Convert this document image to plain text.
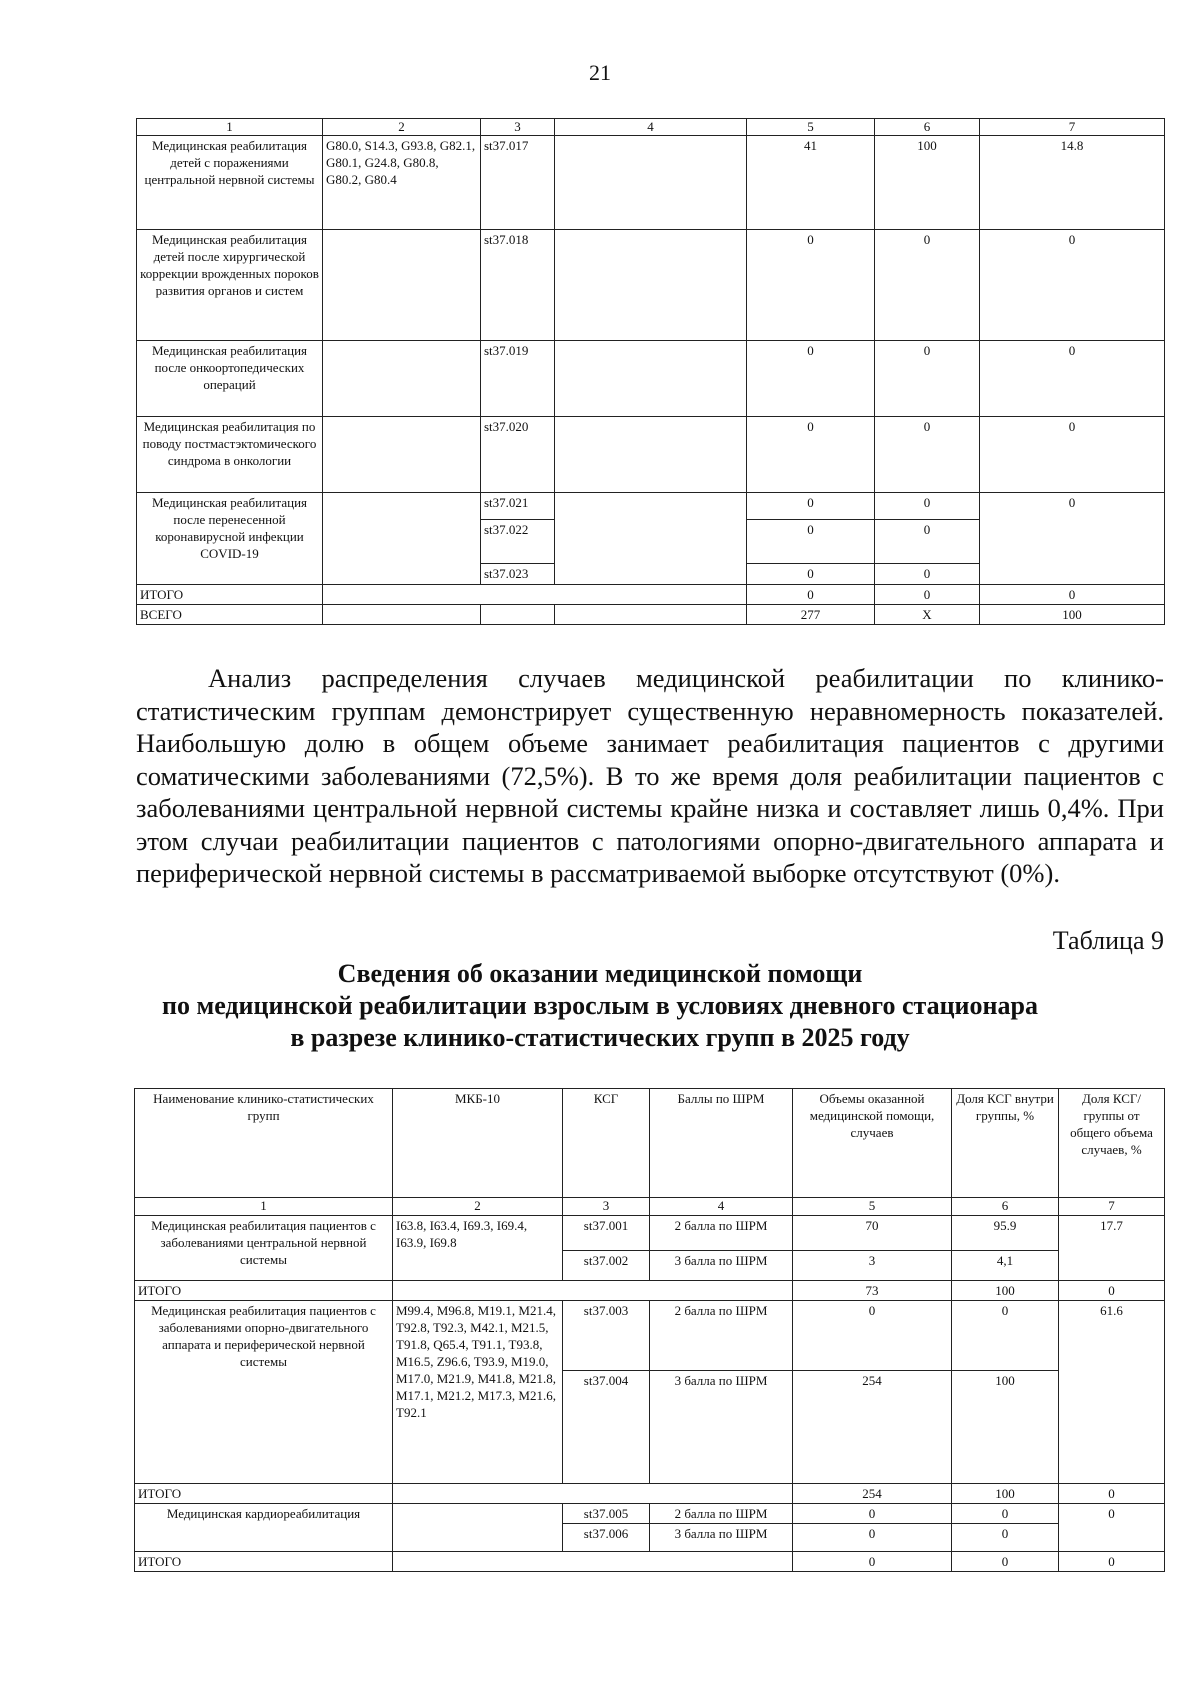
21
1	2	3	4	5	6	7
Медицинская реабилитация детей с поражениями центральной нервной системы	G80.0, S14.3, G93.8, G82.1, G80.1, G24.8, G80.8, G80.2, G80.4	st37.017		41	100	14.8
Медицинская реабилитация детей после хирургической коррекции врожденных пороков развития органов и систем		st37.018		0	0	0
Медицинская реабилитация после онкоортопедических операций		st37.019		0	0	0
Медицинская реабилитация по поводу постмастэктомического синдрома в онкологии		st37.020		0	0	0
Медицинская реабилитация после перенесенной коронавирусной инфекции COVID-19		st37.021		0	0	0
		st37.022		0	0	
		st37.023		0	0	
ИТОГО				0	0	0
ВСЕГО				277	X	100

Анализ распределения случаев медицинской реабилитации по клинико-статистическим группам демонстрирует существенную неравномерность показателей. Наибольшую долю в общем объеме занимает реабилитация пациентов с другими соматическими заболеваниями (72,5%). В то же время доля реабилитации пациентов с заболеваниями центральной нервной системы крайне низка и составляет лишь 0,4%. При этом случаи реабилитации пациентов с патологиями опорно-двигательного аппарата и периферической нервной системы в рассматриваемой выборке отсутствуют (0%).

Таблица 9
Сведения об оказании медицинской помощи
по медицинской реабилитации взрослым в условиях дневного стационара
в разрезе клинико-статистических групп в 2025 году
Наименование клинико-статистических групп	МКБ-10	КСГ	Баллы по ШРМ	Объемы оказанной медицинской помощи, случаев	Доля КСГ внутри группы, %	Доля КСГ/группы от общего объема случаев, %
1	2	3	4	5	6	7
Медицинская реабилитация пациентов с заболеваниями центральной нервной системы	I63.8, I63.4, I69.3, I69.4, I63.9, I69.8	st37.001	2 балла по ШРМ	70	95.9	17.7
		st37.002	3 балла по ШРМ	3	4,1	
ИТОГО				73	100	0
Медицинская реабилитация пациентов с заболеваниями опорно-двигательного аппарата и периферической нервной системы	M99.4, M96.8, M19.1, M21.4, T92.8, T92.3, M42.1, M21.5, T91.8, Q65.4, T91.1, T93.8, M16.5, Z96.6, T93.9, M19.0, M17.0, M21.9, M41.8, M21.8, M17.1, M21.2, M17.3, M21.6, T92.1	st37.003	2 балла по ШРМ	0	0	61.6
		st37.004	3 балла по ШРМ	254	100	
ИТОГО				254	100	0
Медицинская кардиореабилитация		st37.005	2 балла по ШРМ	0	0	0
		st37.006	3 балла по ШРМ	0	0	
ИТОГО				0	0	0
